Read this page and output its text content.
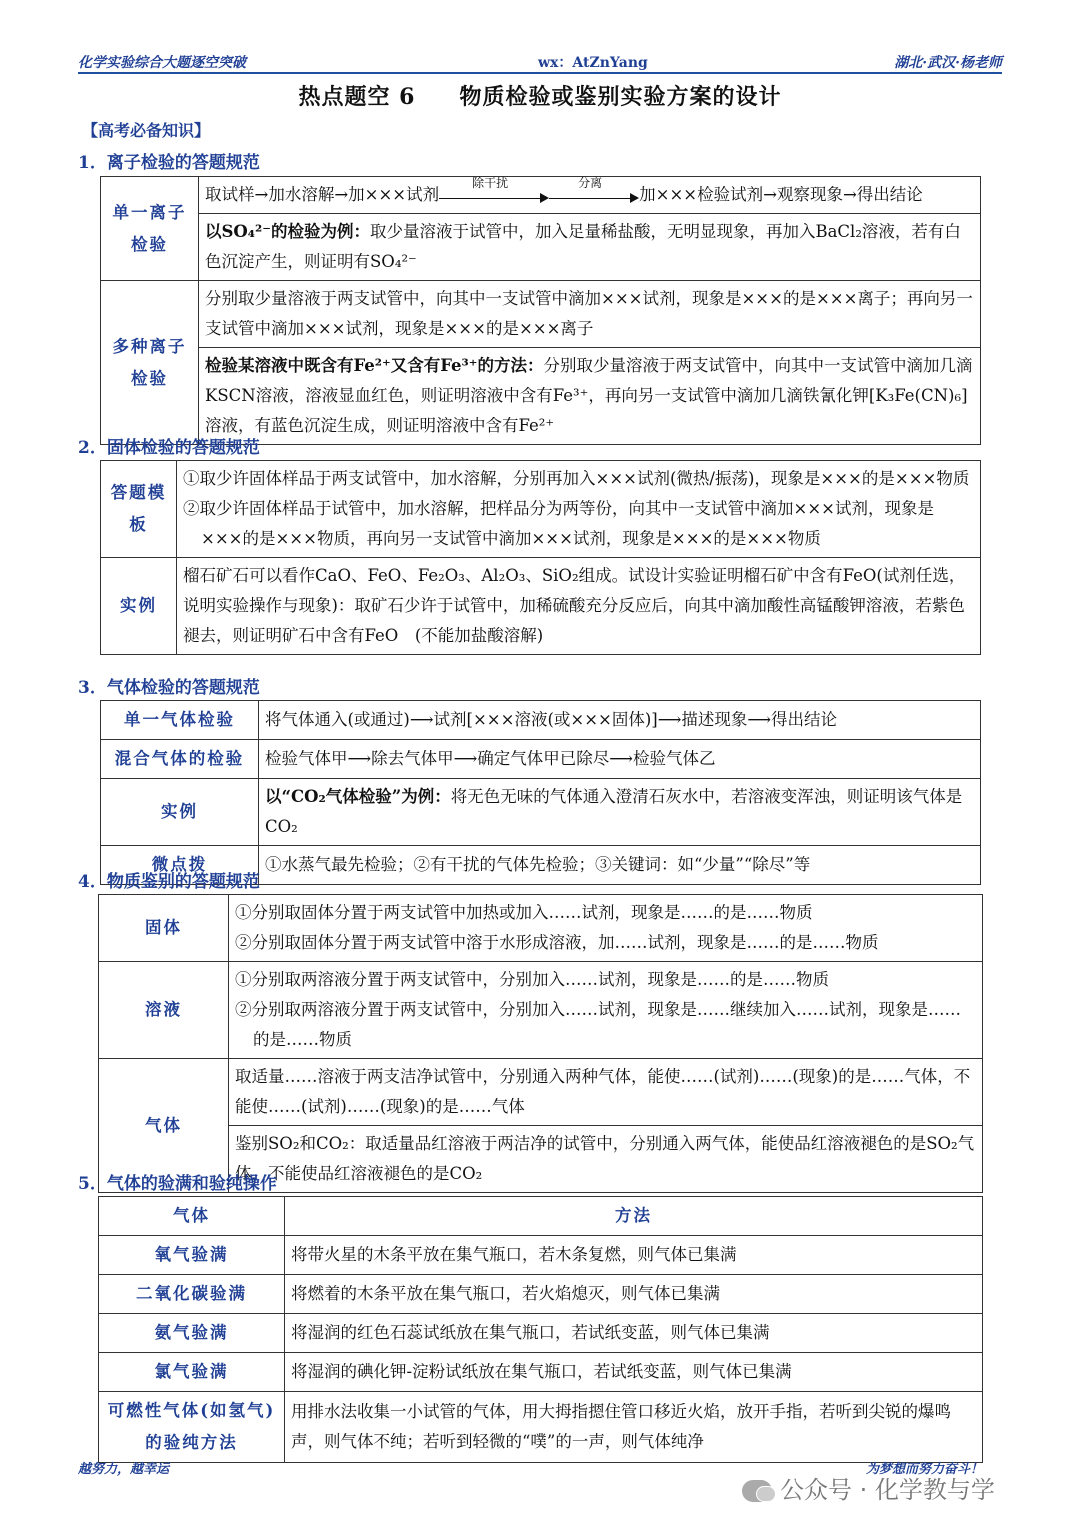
化学实验综合大题逐空突破	wx：AtZnYang	湖北·武汉·杨老师
热点题空 6 物质检验或鉴别实验方案的设计
【高考必备知识】
1．离子检验的答题规范
单一离子检验	取试样→加水溶解→加×××试剂
除干扰 分离
加×××检验试剂→观察现象→得出结论
	以SO₄²⁻的检验为例：取少量溶液于试管中，加入足量稀盐酸，无明显现象，再加入BaCl₂溶液，若有白色沉淀产生，则证明有SO₄²⁻
多种离子检验	分别取少量溶液于两支试管中，向其中一支试管中滴加×××试剂，现象是×××的是×××离子；再向另一支试管中滴加×××试剂，现象是×××的是×××离子
	检验某溶液中既含有Fe²⁺又含有Fe³⁺的方法：分别取少量溶液于两支试管中，向其中一支试管中滴加几滴KSCN溶液，溶液显血红色，则证明溶液中含有Fe³⁺，再向另一支试管中滴加几滴铁氰化钾[K₃Fe(CN)₆]溶液，有蓝色沉淀生成，则证明溶液中含有Fe²⁺
2．固体检验的答题规范
答题模板	①取少许固体样品于两支试管中，加水溶解，分别再加入×××试剂(微热/振荡)，现象是×××的是×××物质
②取少许固体样品于试管中，加水溶解，把样品分为两等份，向其中一支试管中滴加×××试剂，现象是×××的是×××物质，再向另一支试管中滴加×××试剂，现象是×××的是×××物质

实例	榴石矿石可以看作CaO、FeO、Fe₂O₃、Al₂O₃、SiO₂组成。试设计实验证明榴石矿中含有FeO(试剂任选，说明实验操作与现象)：取矿石少许于试管中，加稀硫酸充分反应后，向其中滴加酸性高锰酸钾溶液，若紫色褪去，则证明矿石中含有FeO　(不能加盐酸溶解)
3．气体检验的答题规范
单一气体检验	将气体通入(或通过)⟶试剂[×××溶液(或×××固体)]⟶描述现象⟶得出结论
混合气体的检验	检验气体甲⟶除去气体甲⟶确定气体甲已除尽⟶检验气体乙
实例	以“CO₂气体检验”为例：将无色无味的气体通入澄清石灰水中，若溶液变浑浊，则证明该气体是CO₂
微点拨	①水蒸气最先检验；②有干扰的气体先检验；③关键词：如“少量”“除尽”等
4．物质鉴别的答题规范
固体	①分别取固体分置于两支试管中加热或加入……试剂，现象是……的是……物质
②分别取固体分置于两支试管中溶于水形成溶液，加……试剂，现象是……的是……物质

溶液	①分别取两溶液分置于两支试管中，分别加入……试剂，现象是……的是……物质
②分别取两溶液分置于两支试管中，分别加入……试剂，现象是……继续加入……试剂，现象是……的是……物质

气体	取适量……溶液于两支洁净试管中，分别通入两种气体，能使……(试剂)……(现象)的是……气体，不能使……(试剂)……(现象)的是……气体
	鉴别SO₂和CO₂：取适量品红溶液于两洁净的试管中，分别通入两气体，能使品红溶液褪色的是SO₂气体，不能使品红溶液褪色的是CO₂
5．气体的验满和验纯操作
气体	方法
氧气验满	将带火星的木条平放在集气瓶口，若木条复燃，则气体已集满
二氧化碳验满	将燃着的木条平放在集气瓶口，若火焰熄灭，则气体已集满
氨气验满	将湿润的红色石蕊试纸放在集气瓶口，若试纸变蓝，则气体已集满
氯气验满	将湿润的碘化钾-淀粉试纸放在集气瓶口，若试纸变蓝，则气体已集满
可燃性气体(如氢气)的验纯方法	用排水法收集一小试管的气体，用大拇指摁住管口移近火焰，放开手指，若听到尖锐的爆鸣声，则气体不纯；若听到轻微的“噗”的一声，则气体纯净
越努力，越幸运	为梦想而努力奋斗！
公众号 · 化学教与学
